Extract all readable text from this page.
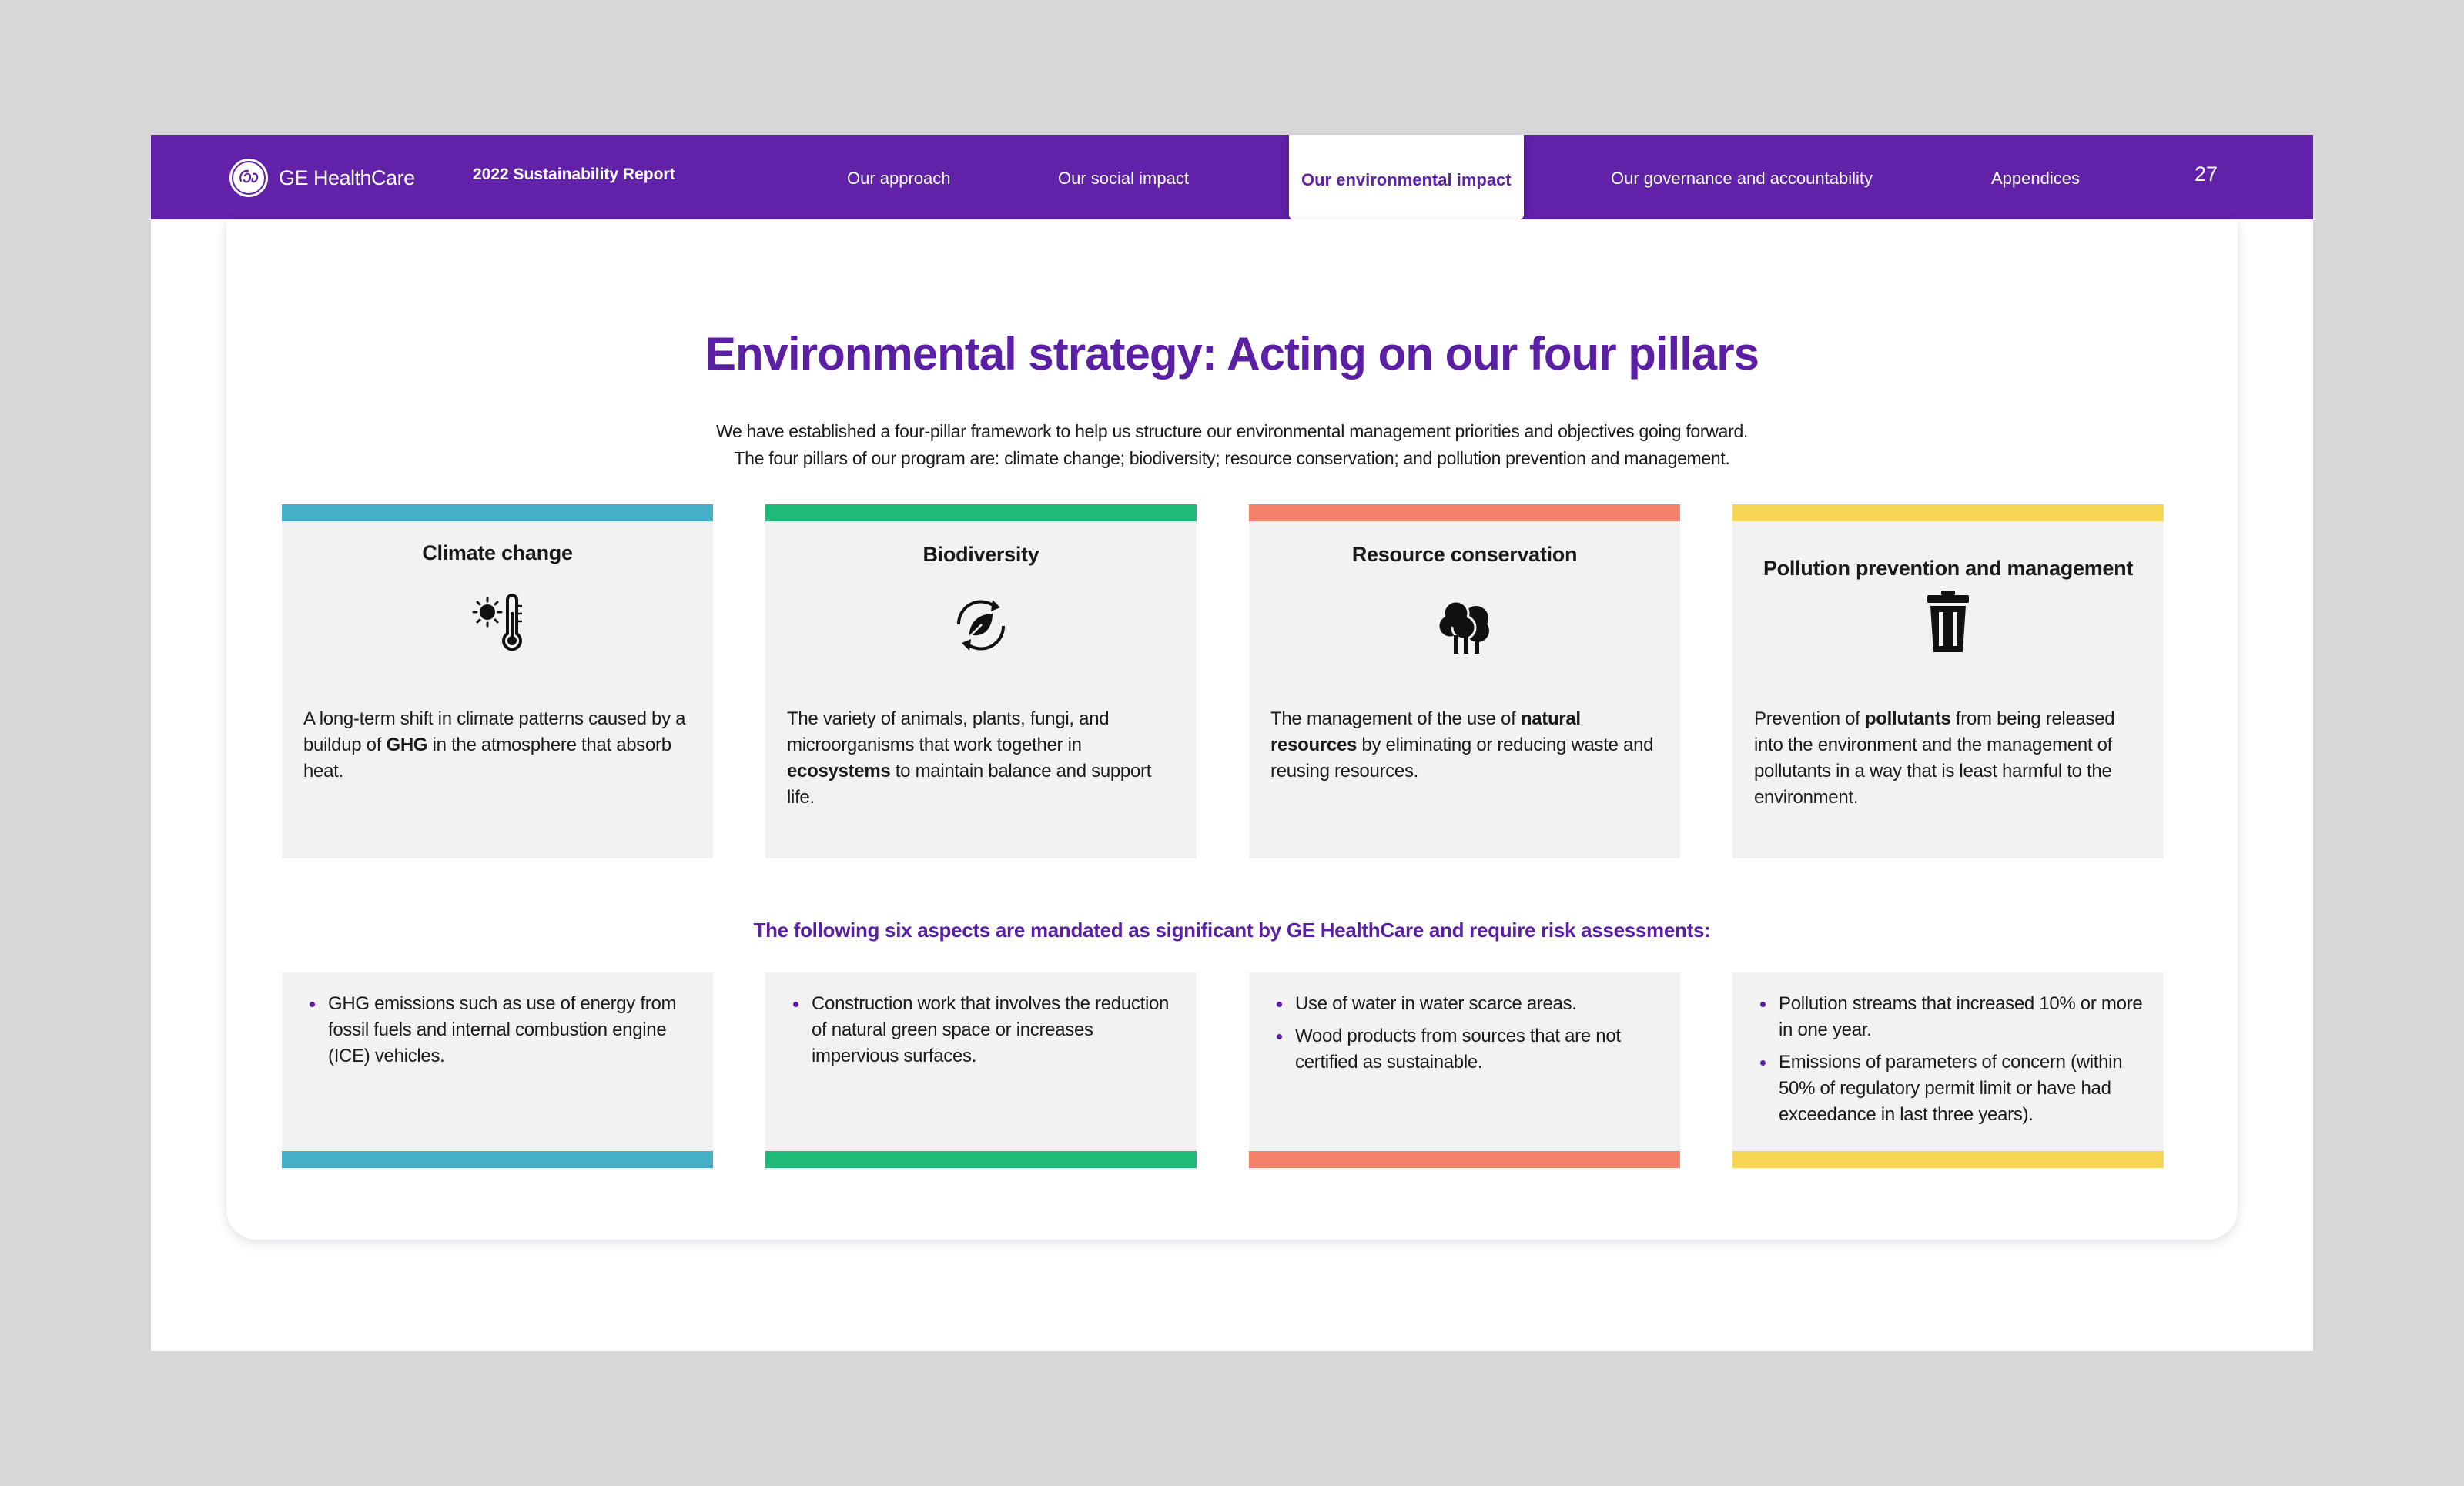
GE HealthCare	2022 Sustainability Report	Our approach	Our social impact	Our environmental impact	Our governance and accountability	Appendices	27
Environmental strategy: Acting on our four pillars
We have established a four-pillar framework to help us structure our environmental management priorities and objectives going forward.
The four pillars of our program are: climate change; biodiversity; resource conservation; and pollution prevention and management.
Climate change
A long-term shift in climate patterns caused by a buildup of GHG in the atmosphere that absorb heat.
Biodiversity
The variety of animals, plants, fungi, and microorganisms that work together in ecosystems to maintain balance and support life.
Resource conservation
The management of the use of natural resources by eliminating or reducing waste and reusing resources.
Pollution prevention and management
Prevention of pollutants from being released into the environment and the management of pollutants in a way that is least harmful to the environment.
The following six aspects are mandated as significant by GE HealthCare and require risk assessments:
GHG emissions such as use of energy from fossil fuels and internal combustion engine (ICE) vehicles.
Construction work that involves the reduction of natural green space or increases impervious surfaces.
Use of water in water scarce areas.
Wood products from sources that are not certified as sustainable.
Pollution streams that increased 10% or more in one year.
Emissions of parameters of concern (within 50% of regulatory permit limit or have had exceedance in last three years).
